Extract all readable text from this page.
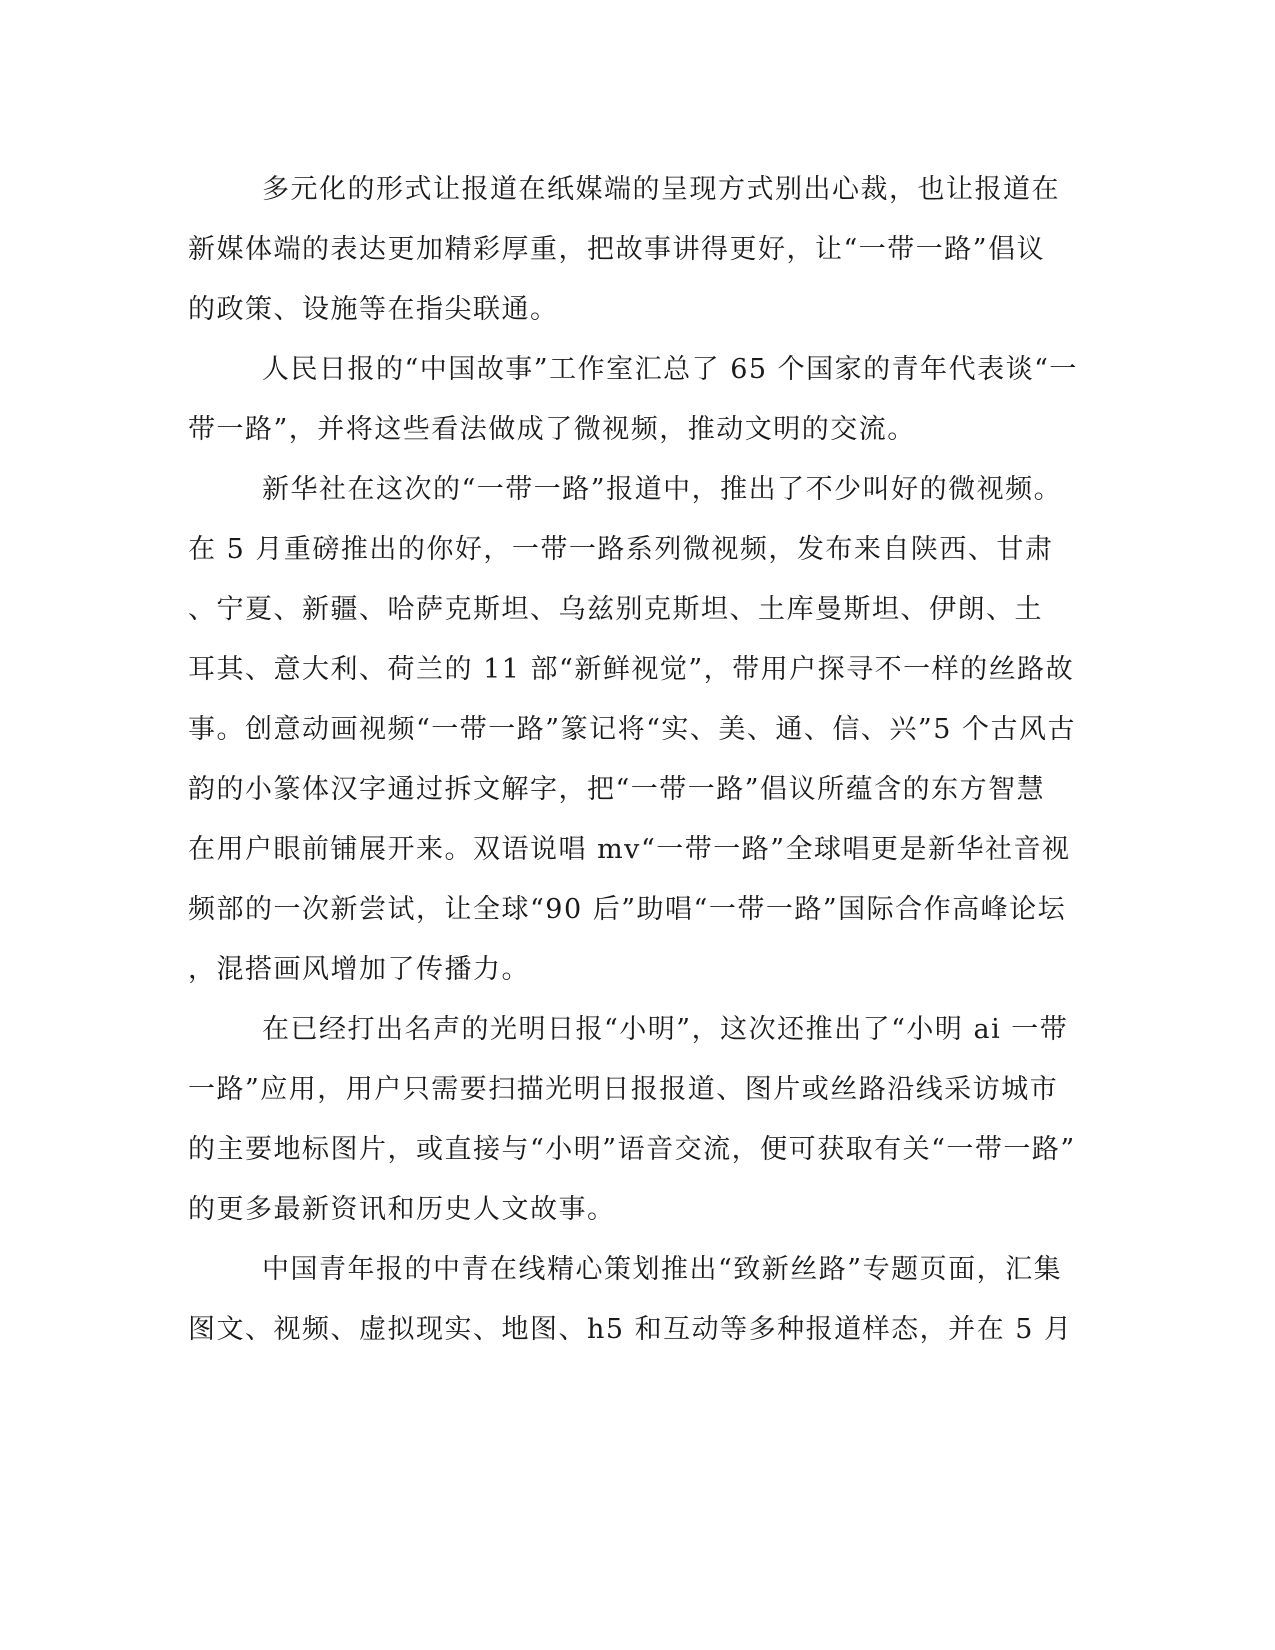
多元化的形式让报道在纸媒端的呈现方式别出心裁，也让报道在
新媒体端的表达更加精彩厚重，把故事讲得更好，让“一带一路”倡议
的政策、设施等在指尖联通。
人民日报的“中国故事”工作室汇总了 65 个国家的青年代表谈“一
带一路”，并将这些看法做成了微视频，推动文明的交流。
新华社在这次的“一带一路”报道中，推出了不少叫好的微视频。
在 5 月重磅推出的你好，一带一路系列微视频，发布来自陕西、甘肃
、宁夏、新疆、哈萨克斯坦、乌兹别克斯坦、土库曼斯坦、伊朗、土
耳其、意大利、荷兰的 11 部“新鲜视觉”，带用户探寻不一样的丝路故
事。创意动画视频“一带一路”篆记将“实、美、通、信、兴”5 个古风古
韵的小篆体汉字通过拆文解字，把“一带一路”倡议所蕴含的东方智慧
在用户眼前铺展开来。双语说唱 mv“一带一路”全球唱更是新华社音视
频部的一次新尝试，让全球“90 后”助唱“一带一路”国际合作高峰论坛
，混搭画风增加了传播力。
在已经打出名声的光明日报“小明”，这次还推出了“小明 ai 一带
一路”应用，用户只需要扫描光明日报报道、图片或丝路沿线采访城市
的主要地标图片，或直接与“小明”语音交流，便可获取有关“一带一路”
的更多最新资讯和历史人文故事。
中国青年报的中青在线精心策划推出“致新丝路”专题页面，汇集
图文、视频、虚拟现实、地图、h5 和互动等多种报道样态，并在 5 月
